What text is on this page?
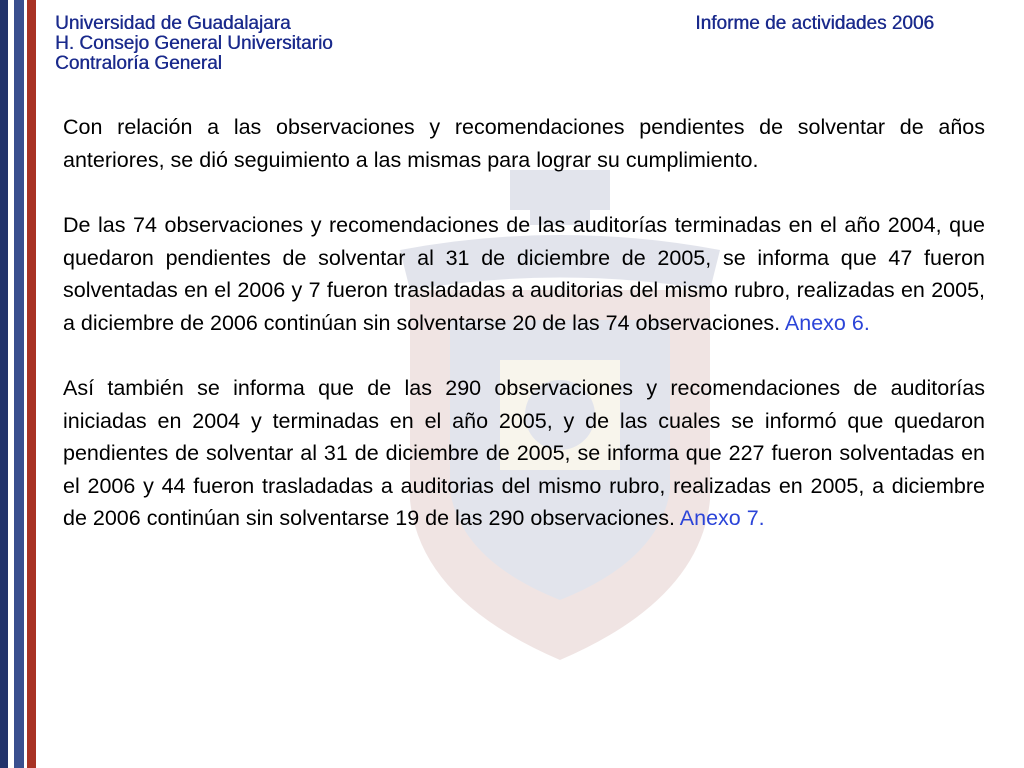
Universidad de Guadalajara
H. Consejo General Universitario
Contraloría General
Informe de actividades 2006

Con relación a las observaciones y recomendaciones pendientes de solventar de años anteriores, se dió seguimiento a las mismas para lograr su cumplimiento.

De las 74 observaciones y recomendaciones de las auditorías terminadas en el año 2004, que quedaron pendientes de solventar al 31 de diciembre de 2005, se informa que 47 fueron solventadas en el 2006 y 7 fueron trasladadas a auditorias del mismo rubro, realizadas en 2005, a diciembre de 2006 continúan sin solventarse 20 de las 74 observaciones. Anexo 6.

Así también se informa que de las 290 observaciones y recomendaciones de auditorías iniciadas en 2004 y terminadas en el año 2005, y de las cuales se informó que quedaron pendientes de solventar al 31 de diciembre de 2005, se informa que 227 fueron solventadas en el 2006 y 44 fueron trasladadas a auditorias del mismo rubro, realizadas en 2005, a diciembre de 2006 continúan sin solventarse 19 de las 290 observaciones. Anexo 7.
